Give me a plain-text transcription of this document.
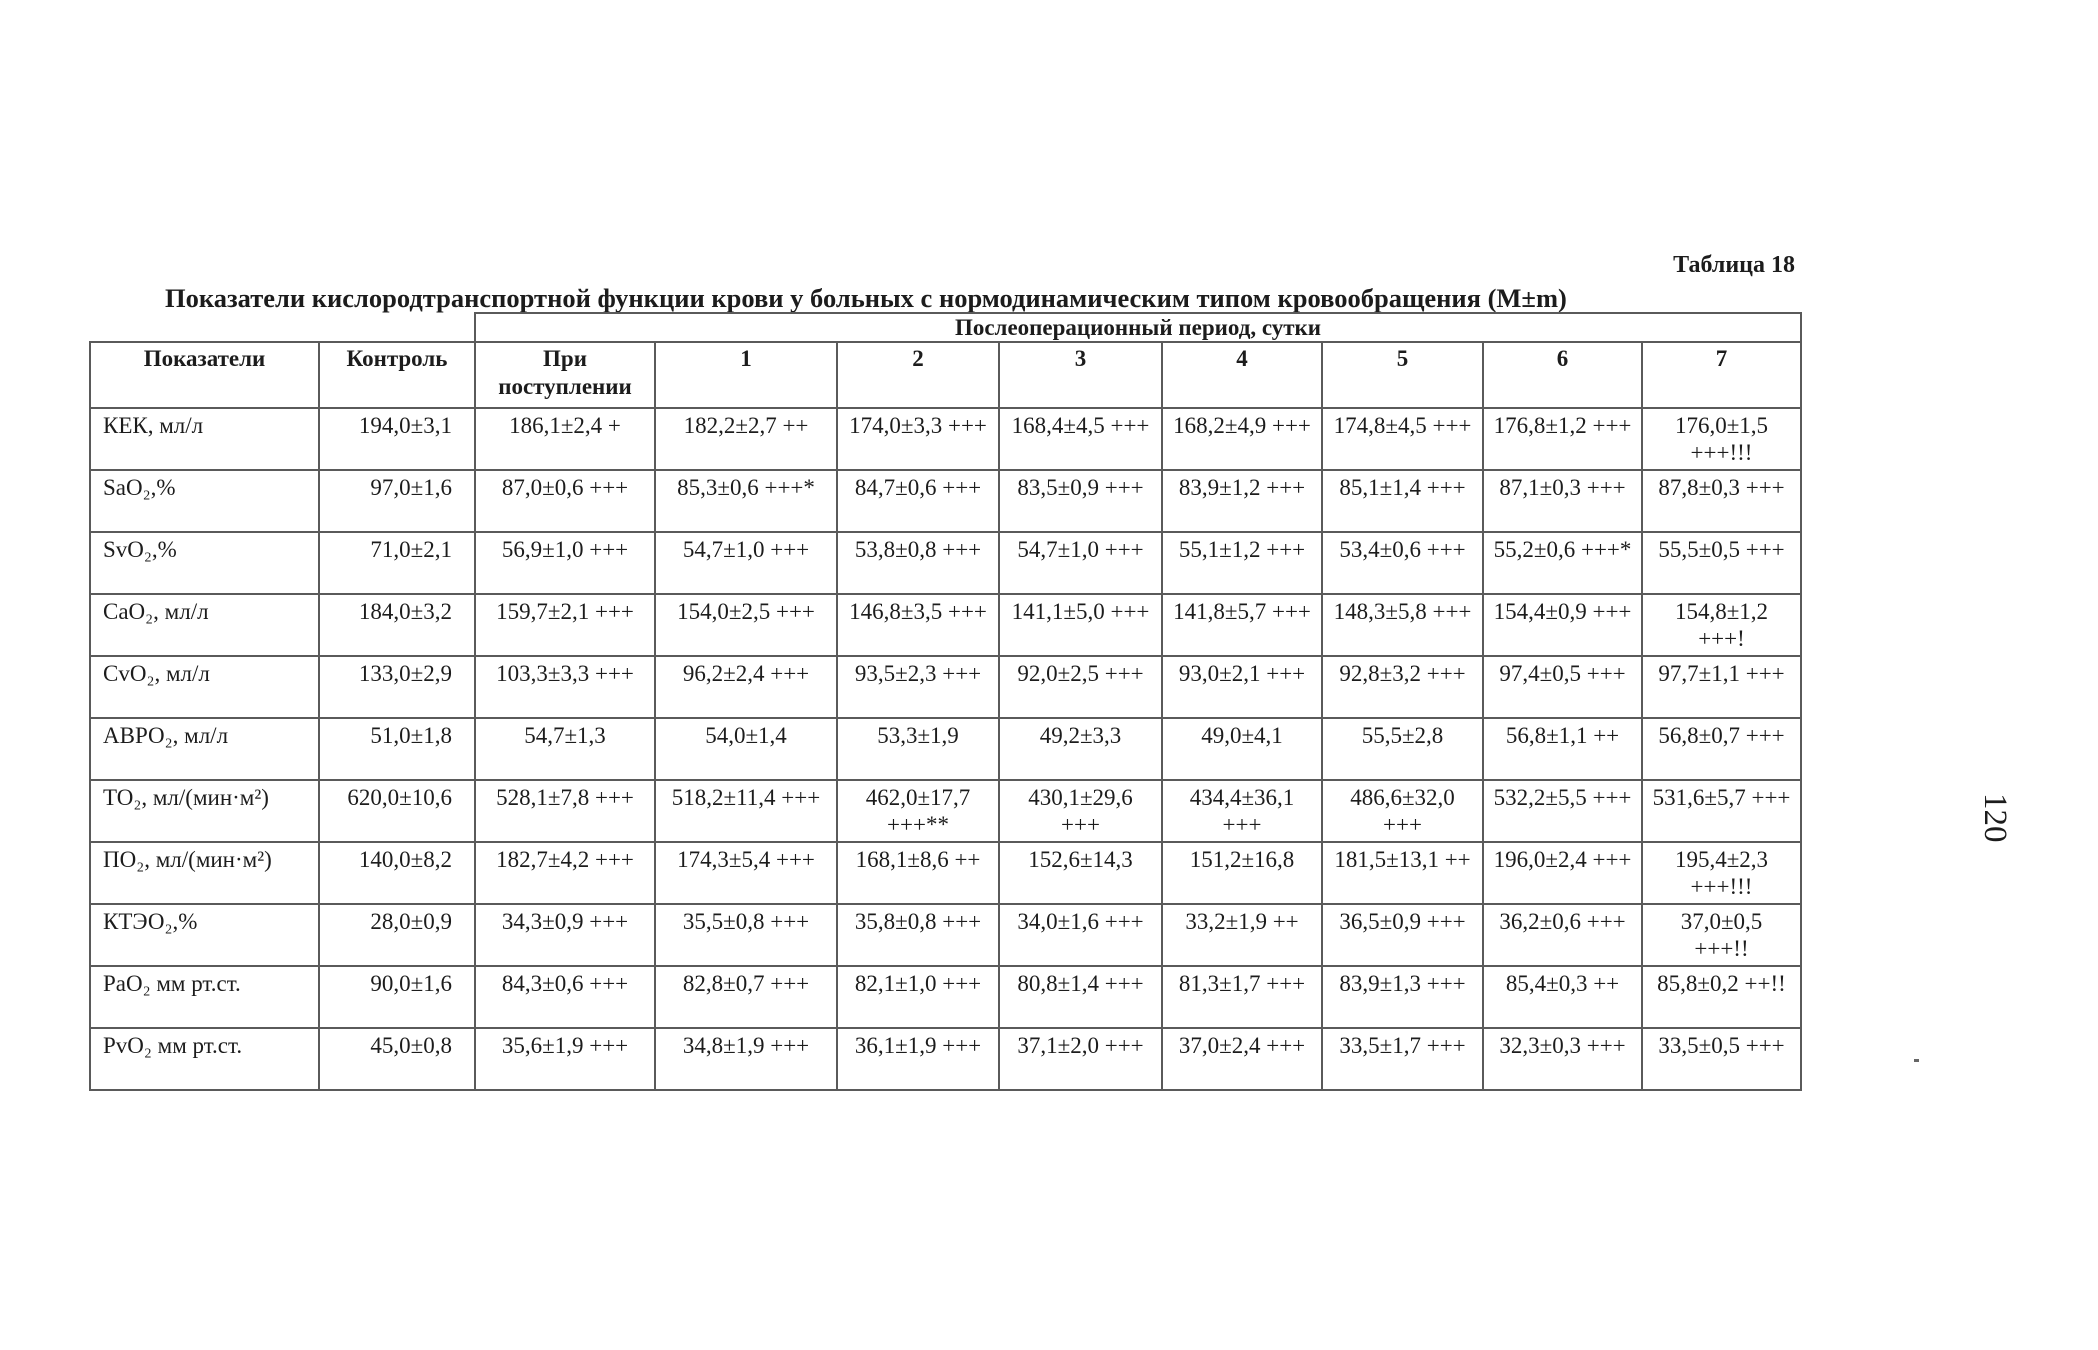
Таблица 18
Показатели кислородтранспортной функции крови у больных с нормодинамическим типом кровообращения (M±m)
		Послеоперационный период, сутки							
Показатели	Контроль	При поступлении	1	2	3	4	5	6	7
КЕК, мл/л	194,0±3,1	186,1±2,4 +	182,2±2,7 ++	174,0±3,3 +++	168,4±4,5 +++	168,2±4,9 +++	174,8±4,5 +++	176,8±1,2 +++	176,0±1,5 +++!!!
SaO₂,%	97,0±1,6	87,0±0,6 +++	85,3±0,6 +++*	84,7±0,6 +++	83,5±0,9 +++	83,9±1,2 +++	85,1±1,4 +++	87,1±0,3 +++	87,8±0,3 +++
SvO₂,%	71,0±2,1	56,9±1,0 +++	54,7±1,0 +++	53,8±0,8 +++	54,7±1,0 +++	55,1±1,2 +++	53,4±0,6 +++	55,2±0,6 +++*	55,5±0,5 +++
CaO₂, мл/л	184,0±3,2	159,7±2,1 +++	154,0±2,5 +++	146,8±3,5 +++	141,1±5,0 +++	141,8±5,7 +++	148,3±5,8 +++	154,4±0,9 +++	154,8±1,2 +++!
CvO₂, мл/л	133,0±2,9	103,3±3,3 +++	96,2±2,4 +++	93,5±2,3 +++	92,0±2,5 +++	93,0±2,1 +++	92,8±3,2 +++	97,4±0,5 +++	97,7±1,1 +++
АВРО₂, мл/л	51,0±1,8	54,7±1,3	54,0±1,4	53,3±1,9	49,2±3,3	49,0±4,1	55,5±2,8	56,8±1,1 ++	56,8±0,7 +++
ТО₂, мл/(мин·м²)	620,0±10,6	528,1±7,8 +++	518,2±11,4 +++	462,0±17,7 +++**	430,1±29,6 +++	434,4±36,1 +++	486,6±32,0 +++	532,2±5,5 +++	531,6±5,7 +++
ПО₂, мл/(мин·м²)	140,0±8,2	182,7±4,2 +++	174,3±5,4 +++	168,1±8,6 ++	152,6±14,3	151,2±16,8	181,5±13,1 ++	196,0±2,4 +++	195,4±2,3 +++!!!
КТЭО₂,%	28,0±0,9	34,3±0,9 +++	35,5±0,8 +++	35,8±0,8 +++	34,0±1,6 +++	33,2±1,9 ++	36,5±0,9 +++	36,2±0,6 +++	37,0±0,5 +++!!
PaO₂ мм рт.ст.	90,0±1,6	84,3±0,6 +++	82,8±0,7 +++	82,1±1,0 +++	80,8±1,4 +++	81,3±1,7 +++	83,9±1,3 +++	85,4±0,3 ++	85,8±0,2 ++!!
PvO₂ мм рт.ст.	45,0±0,8	35,6±1,9 +++	34,8±1,9 +++	36,1±1,9 +++	37,1±2,0 +++	37,0±2,4 +++	33,5±1,7 +++	32,3±0,3 +++	33,5±0,5 +++
120
